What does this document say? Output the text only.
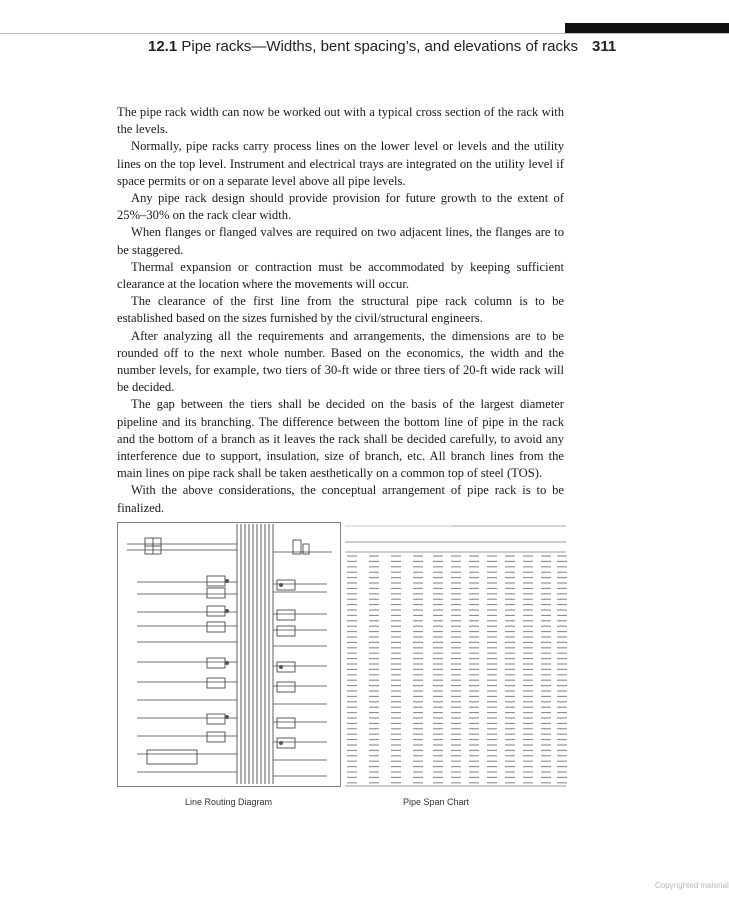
12.1 Pipe racks—Widths, bent spacing’s, and elevations of racks 311

The pipe rack width can now be worked out with a typical cross section of the rack with the levels.

Normally, pipe racks carry process lines on the lower level or levels and the utility lines on the top level. Instrument and electrical trays are integrated on the utility level if space permits or on a separate level above all pipe levels.

Any pipe rack design should provide provision for future growth to the extent of 25%–30% on the rack clear width.

When flanges or flanged valves are required on two adjacent lines, the flanges are to be staggered.

Thermal expansion or contraction must be accommodated by keeping sufficient clearance at the location where the movements will occur.

The clearance of the first line from the structural pipe rack column is to be established based on the sizes furnished by the civil/structural engineers.

After analyzing all the requirements and arrangements, the dimensions are to be rounded off to the next whole number. Based on the economics, the width and the number levels, for example, two tiers of 30-ft wide or three tiers of 20-ft wide rack will be decided.

The gap between the tiers shall be decided on the basis of the largest diameter pipeline and its branching. The difference between the bottom line of pipe in the rack and the bottom of a branch as it leaves the rack shall be decided carefully, to avoid any interference due to support, insulation, size of branch, etc. All branch lines from the main lines on pipe rack shall be taken aesthetically on a common top of steel (TOS).

With the above considerations, the conceptual arrangement of pipe rack is to be finalized.

Line Routing Diagram	Pipe Span Chart
Copyrighted material
